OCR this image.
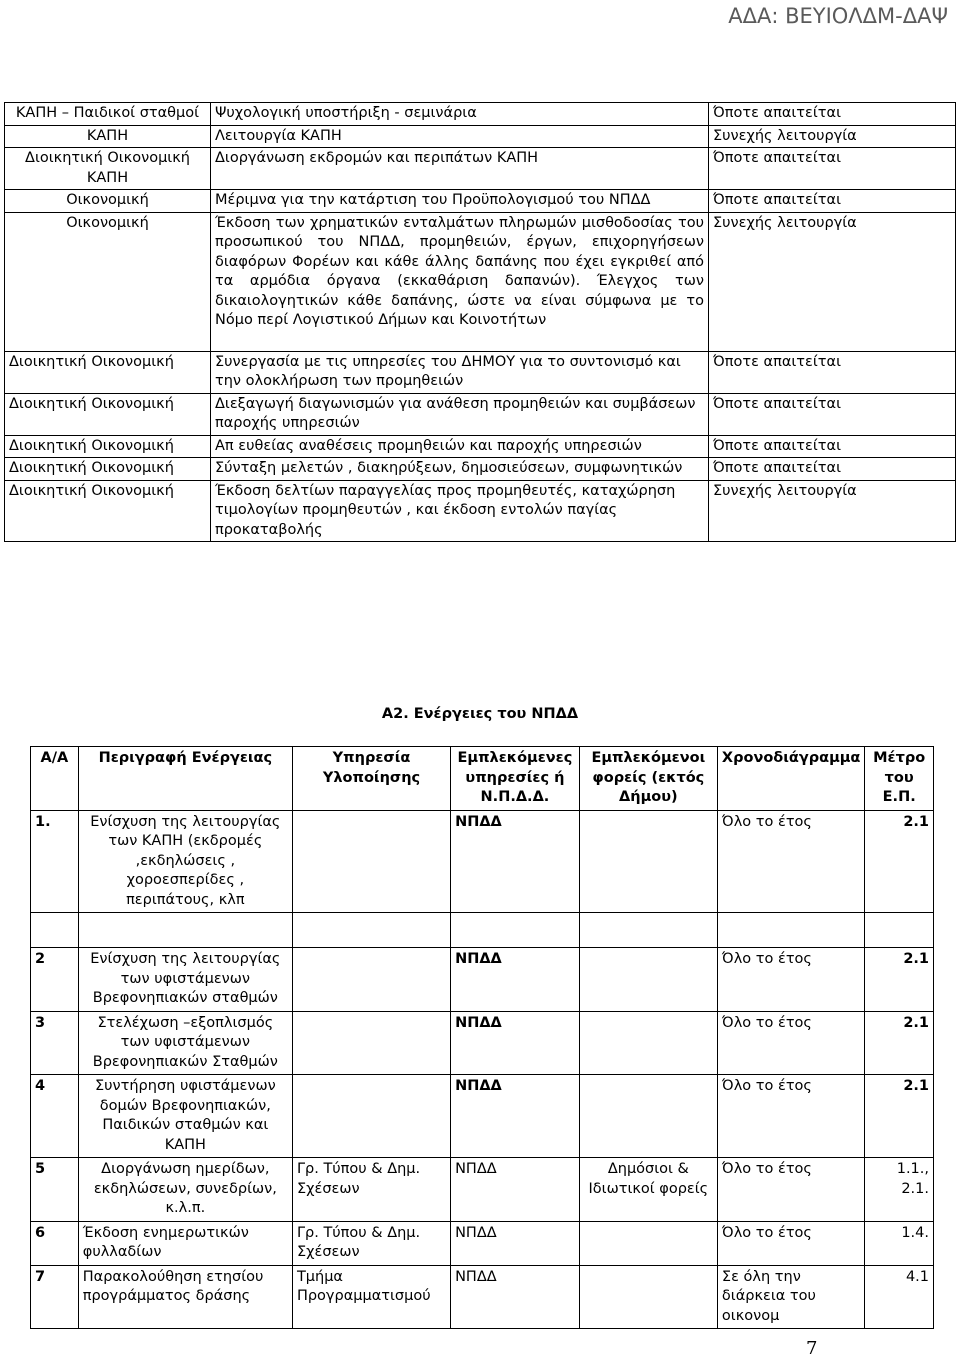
ΑΔΑ: ΒΕΥΙΟΛΔΜ-ΔΑΨ
ΚΑΠΗ – Παιδικοί σταθμοί	Ψυχολογική υποστήριξη - σεμινάρια	Όποτε απαιτείται
ΚΑΠΗ	Λειτουργία ΚΑΠΗ	Συνεχής λειτουργία
Διοικητική Οικονομική ΚΑΠΗ	Διοργάνωση εκδρομών και περιπάτων ΚΑΠΗ	Όποτε απαιτείται
Οικονομική	Μέριμνα για την κατάρτιση του Προϋπολογισμού του ΝΠΔΔ	Όποτε απαιτείται
Οικονομική	Έκδοση των χρηματικών ενταλμάτων πληρωμών μισθοδοσίας του προσωπικού του ΝΠΔΔ, προμηθειών, έργων, επιχορηγήσεων διαφόρων Φορέων και κάθε άλλης δαπάνης που έχει εγκριθεί από τα αρμόδια όργανα (εκκαθάριση δαπανών). Έλεγχος των δικαιολογητικών κάθε δαπάνης, ώστε να είναι σύμφωνα με το Νόμο περί Λογιστικού Δήμων και Κοινοτήτων	Συνεχής λειτουργία
Διοικητική Οικονομική	Συνεργασία με τις υπηρεσίες του ΔΗΜΟΥ για το συντονισμό και την ολοκλήρωση των προμηθειών	Όποτε απαιτείται
Διοικητική Οικονομική	Διεξαγωγή διαγωνισμών για ανάθεση προμηθειών και συμβάσεων παροχής υπηρεσιών	Όποτε απαιτείται
Διοικητική Οικονομική	Απ ευθείας αναθέσεις προμηθειών και παροχής υπηρεσιών	Όποτε απαιτείται
Διοικητική Οικονομική	Σύνταξη μελετών , διακηρύξεων, δημοσιεύσεων, συμφωνητικών	Όποτε απαιτείται
Διοικητική Οικονομική	Έκδοση δελτίων παραγγελίας προς προμηθευτές, καταχώρηση τιμολογίων προμηθευτών , και έκδοση εντολών παγίας προκαταβολής	Συνεχής λειτουργία
Α2. Ενέργειες του ΝΠΔΔ
Α/Α	Περιγραφή Ενέργειας	Υπηρεσία Υλοποίησης	Εμπλεκόμενες υπηρεσίες ή Ν.Π.Δ.Δ.	Εμπλεκόμενοι φορείς (εκτός Δήμου)	Χρονοδιάγραμμα	Μέτρο του Ε.Π.
1.	Ενίσχυση της λειτουργίας των ΚΑΠΗ (εκδρομές ,εκδηλώσεις , χοροεσπερίδες , περιπάτους, κλπ		ΝΠΔΔ		Όλο το έτος	2.1

2	Ενίσχυση της λειτουργίας των υφιστάμενων Βρεφονηπιακών σταθμών		ΝΠΔΔ		Όλο το έτος	2.1
3	Στελέχωση –εξοπλισμός των υφιστάμενων Βρεφονηπιακών Σταθμών		ΝΠΔΔ		Όλο το έτος	2.1
4	Συντήρηση υφιστάμενων δομών Βρεφονηπιακών, Παιδικών σταθμών και ΚΑΠΗ		ΝΠΔΔ		Όλο το έτος	2.1
5	Διοργάνωση ημερίδων, εκδηλώσεων, συνεδρίων, κ.λ.π.	Γρ. Τύπου & Δημ. Σχέσεων	ΝΠΔΔ	Δημόσιοι & Ιδιωτικοί φορείς	Όλο το έτος	1.1., 2.1.
6	Έκδοση ενημερωτικών φυλλαδίων	Γρ. Τύπου & Δημ. Σχέσεων	ΝΠΔΔ		Όλο το έτος	1.4.
7	Παρακολούθηση ετησίου προγράμματος δράσης	Τμήμα Προγραμματισμού	ΝΠΔΔ		Σε όλη την διάρκεια του οικονομ	4.1
7
